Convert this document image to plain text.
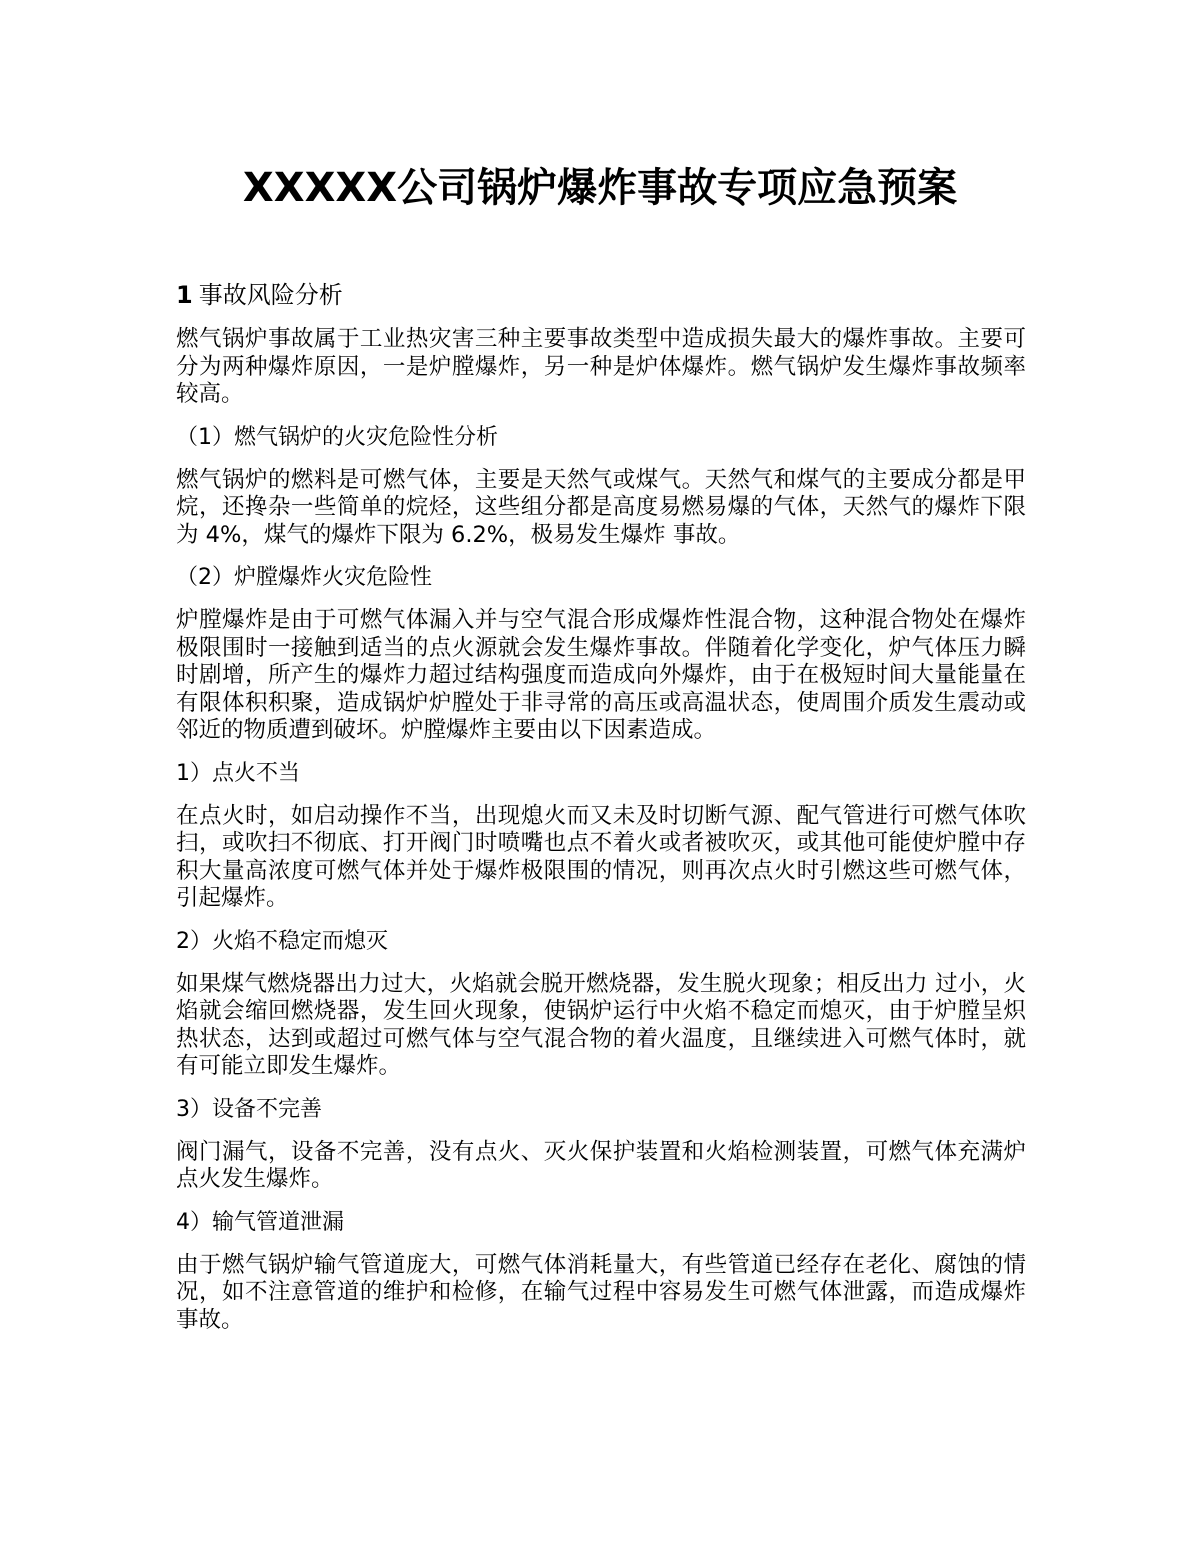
XXXXX公司锅炉爆炸事故专项应急预案
1 事故风险分析

燃气锅炉事故属于工业热灾害三种主要事故类型中造成损失最大的爆炸事故。主要可分为两种爆炸原因，一是炉膛爆炸，另一种是炉体爆炸。燃气锅炉发生爆炸事故频率较高。

（1）燃气锅炉的火灾危险性分析

燃气锅炉的燃料是可燃气体，主要是天然气或煤气。天然气和煤气的主要成分都是甲烷，还搀杂一些简单的烷烃，这些组分都是高度易燃易爆的气体，天然气的爆炸下限为 4%，煤气的爆炸下限为 6.2%，极易发生爆炸 事故。

（2）炉膛爆炸火灾危险性

炉膛爆炸是由于可燃气体漏入并与空气混合形成爆炸性混合物，这种混合物处在爆炸极限围时一接触到适当的点火源就会发生爆炸事故。伴随着化学变化，炉气体压力瞬时剧增，所产生的爆炸力超过结构强度而造成向外爆炸，由于在极短时间大量能量在有限体积积聚，造成锅炉炉膛处于非寻常的高压或高温状态，使周围介质发生震动或邻近的物质遭到破坏。炉膛爆炸主要由以下因素造成。

1）点火不当

在点火时，如启动操作不当，出现熄火而又未及时切断气源、配气管进行可燃气体吹扫，或吹扫不彻底、打开阀门时喷嘴也点不着火或者被吹灭，或其他可能使炉膛中存积大量高浓度可燃气体并处于爆炸极限围的情况，则再次点火时引燃这些可燃气体，引起爆炸。

2）火焰不稳定而熄灭

如果煤气燃烧器出力过大，火焰就会脱开燃烧器，发生脱火现象；相反出力 过小，火焰就会缩回燃烧器，发生回火现象，使锅炉运行中火焰不稳定而熄灭，由于炉膛呈炽热状态，达到或超过可燃气体与空气混合物的着火温度，且继续进入可燃气体时，就有可能立即发生爆炸。

3）设备不完善

阀门漏气，设备不完善，没有点火、灭火保护装置和火焰检测装置，可燃气体充满炉点火发生爆炸。

4）输气管道泄漏

由于燃气锅炉输气管道庞大，可燃气体消耗量大，有些管道已经存在老化、腐蚀的情况，如不注意管道的维护和检修，在输气过程中容易发生可燃气体泄露，而造成爆炸事故。
